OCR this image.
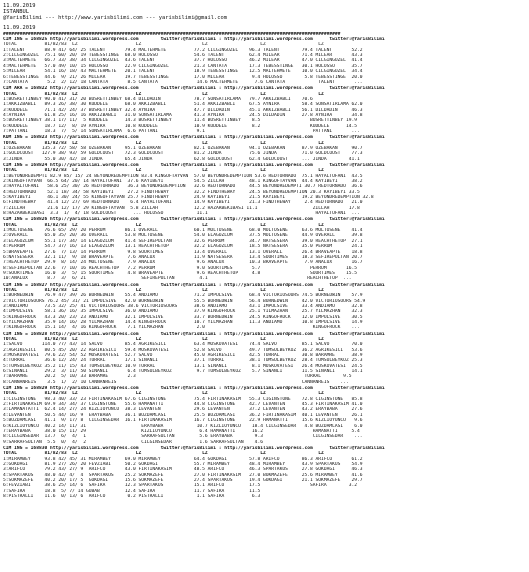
11.09.2019
İSTANBUL
@YarisBilimi --- http://www.yarisbilimi.com --- yarisbilimi@gmail.com
11.09.2019
##########################################################################################################################
CIM ING = 168825 http://yarisbilimi.wordpress.com        twitter:@YarisBilimi : http://yarisbilimi.wordpress.com      twitter:@YarisBilimi
TOTAL          81/82/83  LZ                     LZ                      LZ                   LZ                   LZ
1:TALENT       88.9 41/ 64/ 25 TALENT       79.4 MALTEHMETE          77.2 CILGINGUZEL    96.3 TALENT        79.4 TALENT       52.2
2:CILGINGUZEL  75.1 60/ 20/ 19 TEBESSTINGE  68.0 HOLOSSO             54.6 TALENT         62.4 MILEAR        71.4 MILEAR       43.3
3:MALTEHMETE   66.7 33/ 38/ 34 CILGINGUZEL  43.6 TALENT              37.7 HOLOSSO        46.2 MILEAR        47.0 CILGINGUZEL  41.4
4:MALTEHMETE   57.0 49/ 10/ 15 HOLOSSO      22.9 CILGINGUZEL         21.3 CANTATA        17.3 TEBESSTINGE   30.1 HOLOSSO      35.7
5:MILEAR       54.1 16/ 18/ 43 MALTEHMETE   20.1 TALENT              18.9 TEBESSTINGE    12.5 MALTEHMETE    10.0 CILGINGUZEL  34.4
6:TEBESSTINGE  44.6  9/ 21/ 26 MILEAR       19.7 TEBESSTINGE         17.0 MILEAR          9.4 HOLOSSO        5.8 TEBESSTINGE  20.0
7:CANTATA       5.2  2/ 12/ 18 CANTATA       8.5 CANTATA              14.6 MALTEHMETE      7.6 CANTATA            TALENT       ...
CIM ARA = 168822 http://yarisbilimi.wordpress.com        twitter:@YarisBilimi : http://yarisbilimi.wordpress.com      twitter:@YarisBilimi
TOTAL          81/82/83  LZ                     LZ                      LZ                   LZ                   LZ
1:BUSRETTINBEY 90.0 41/ 31/ 20 BUSRETTINBEY 68.4 DILDADIN            78.7 SONSATIRLAMA   79.7 AKKIZBABLI    70.6
1:AKKIZBABLI   89.3 26/ 38/ 30 KUDDELE      68.0 AKKIZBABLI          51.4 AKKIZBABLI     67.5 AYNIRA        58.4 SONSATIRLAMA 62.0
3:KUDDELE      71.1 42/ 24/ 37 BUSRETTINBEY 32.4 AYNIRA              47.7 DILDADIN       45.1 AKKIZBABLI    56.1 DILDADIN     46.3
4:AYNIRA       61.8 25/ 16/ 16 AKKIZBABLI   31.0 SONSATIRLAMA        41.3 AYNIRA         24.5 DILDADIN      27.8 AYNIRA       34.8
5:BUSRETTINBEY 38.1 17/ 11/  5 KUDDELE      14.3 BUSRETTINBEY        11.4 BUSRETTINBEY    8.5                  BUSRETTINBEY 19.9
6:KUDDELE      18.7 12/  8/ 19 AYNIRA       10.8 KUDDELE             10.9 KUDDELE         8.2                  KUDDELE      14.5
7:PATTANI      18.3  7/  5/ 14 SONSATIRLAMA  6.6 PATTANI              9.1                                       PATTANI       ...
KUM ING = 168823 http://yarisbilimi.wordpress.com        twitter:@YarisBilimi : http://yarisbilimi.wordpress.com      twitter:@YarisBilimi
TOTAL          81/82/83  LZ                     LZ                      LZ                   LZ                   LZ
1:OZEBAKAN    135.3 72/ 58/ 58 OZEBAKAN     95.1 OZEBAKAN            82.1 OZEBAKAN       94.1 OZEBAKAN      87.9 OZEBAKAN     90.7
1:GOLDCOUST   127.9 38/ 93/ 59 GOLDCOUST    72.3 GOLDCOUST           81.2 JINDA          75.6 JINDA         71.0 GOLDCOUST    77.3
3:JINDA        55.0 30/ 42/ 18 JINDA        65.4 JINDA               62.8 GOLDCOUST      62.4 GOLDCOUST     ... JINDA        41.1
CIM ING = 168824 http://yarisbilimi.wordpress.com        twitter:@YarisBilimi : http://yarisbilimi.wordpress.com      twitter:@YarisBilimi
TOTAL          81/82/83  LZ                     LZ                      LZ                   LZ                   LZ
1:BEYONDREDEMPTI 82.9 85/ 15/ 24 BEYONDREDEMPTION 83.4 KINGOFTAYVAN  57.0 BEYONDREDEMPTION 53.6 REDTORNADO  75.1 HAYALTUFANI  43.5
2:KINGOFTAYVAN  66.5 64/ 20/ 14 HAYALTUFANI  37.6 KAYIBEYI           54.5 ZILLAH         48.1 KINGOFTAYVAN  44.4 KAYIBEYI     38.2
3:HAYALTUFANI   58.6 25/ 30/ 26 REDTORNADO   36.3 BEYONDREDEMPTION   32.6 REDTORNADO     44.5 BEYONDREDEMPTI 30.7 REDTORNADO  36.6
4:REDTORNADO    52.1 18/ 34/ 58 KAYIBEYI     27.2 FINDTHEWAY         32.2 FINDTHEWAY     24.5 BEYONDREDEMPTION 20.3 KAYIBEYI 33.5
5:KAYIBEYI      46.1 30/ 24/ 55 KINGOFTAYVAN 25.7 FINDTHEWAY         24.9 KAYIBEYI       21.5 KAYIBEYI      19.2 BEYONDREDEMPTION 32.8
6:FINDTHEWAY    41.4 12/ 27/ 69 REDTORNADO    6.4 HAYALTUFANI        14.9 KAYIBEYI       21.3 FINDTHEWAY     2.4 REDTORNADO   21.0
7:ZILLAH        21.6 12/ 17/ 29 KINGOFTAYVAN  5.8 ZILLAH             12.2 HAZARBEKIBASI 11.1                    ZILLAH       17.8
8:HAZARBEKIBASI  3.3  1/  4/ 18 GOLDCOUST      ... HOLOSSO            11.1                                       HAYALTUFANI  ...
CIM ING = 168826 http://yarisbilimi.wordpress.com        twitter:@YarisBilimi : http://yarisbilimi.wordpress.com      twitter:@YarisBilimi
TOTAL          81/82/83  LZ                     LZ                      LZ                   LZ                   LZ
1:MOLTOSENE    76.6 65/ 29/ 20 PERRUM       86.1 OVERALL             60.1 MOLTOSENE      68.0 MOLTOSENE     63.6 MOLTOSENE    41.4
2:OVERALL      65.0 35/ 20/ 36 OVERALL      53.8 MOLTOSENE           54.0 ELAGOZLUM      37.5 MOLTOSENE     44.9 OVERALL      39.8
3:ELAGOZLUM    55.1 17/ 34/ 14 ELAGOZLUM    41.4 SEFIREPULTAN        32.6 PERRUM         34.7 NATSESERA     39.0 REACHTHETOP  27.1
4:PERRUM       54.7 37/ 16/ 13 ELAGOZLUM    13.1 REACHTHETOP         32.2 ELAGOZLUM      18.5 NATSESERA     35.0 PERRUM       24.1
5:BRAVEAPTE    27.6  7/ 13/ 14 PERRUM        9.8 SOURTIMES           13.4 OVERALL        13.1 OVERALL       26.4 BRAVEAPTE    18.8
6:NATSESERA    32.1 11/  9/ 18 BRAVEAPTE     7.6 ANALUX              11.9 NATSESERA      13.4 SOURTIMES     18.3 SEFIREPULTAN 20.7
7:REACHTHETOP  29.9  8/ 14/ 24 MOLTOSENE     7.9 ANALUX               9.6 ANALUX         10.3 BRAVEAPTE      7.9 ANALUX       16.7
8:SEFIREPULTAN 22.6  7/ 10/ 16 REACHTHETOP   7.2 PERRUM               9.0 SOURTIMES       5.7                  PERRUM       16.5
9:SOURTIMES    16.0  3/  5/ 15 SOURTIMES     4.8 BRAVEAPTE            9.6 REACHTHETOP     4.8                  SOURTIMES    15.5
10:ANALUX       8.7  3/  6/ 21                    SEFIREPULTAN         4.1                                    REACHTHETOP  ...
CIM ING = 168827 http://yarisbilimi.wordpress.com        twitter:@YarisBilimi : http://yarisbilimi.wordpress.com      twitter:@YarisBilimi
TOTAL          81/82/83  LZ                     LZ                      LZ                   LZ                   LZ
1:BURNEDWIN    76.9 47/ 39/ 26 BURNEDWIN    55.4 ANDIAMO             71.2 IMPULSIVE      68.4 VICTORIOSOURS 74.5 BURNEDWIN    57.9
2:VICTORIOSOURS 76.2 45/ 31/ 21 IMPULSIVE   42.0 BURNEDWIN           55.5 BURNEDWIN      56.4 BURNEDWIN     42.0 VICTORIOSOURS 54.9
3:ANDIAMO      73.5 32/ 25/ 41 VICTORIOSOURS 38.6 VICTORIOSOURS      38.6 ANDIAMO        43.1 IMPULSIVE     33.4 ANDIAMO      32.8
4:IMPULSIVE    58.1 36/ 16/ 35 IMPULSIVE    36.0 ANDIAMO             37.9 KINGOFROCK     25.1 YILMAZHAN     25.7 YILMAZHAN    32.3
5:KINGOFROCK   43.3 20/ 23/ 23 ANDIAMO      32.1 IMPULSIVE           33.7 BURNEDWIN      24.5 KINGOFROCK    12.0 IMPULSIVE    30.5
6:YILMAZHAN    35.9 14/ 16/ 28 YILMAZHAN    14.4 KINGOFROCK          10.7 YILMAZHAN      11.3 ANDIAMO       10.8 IMPULSIVE    14.9
7:KINGOFROCK   15.1 14/  4/ 16 KINGOFROCK    7.1 YILMAZHAN            2.0                                       KINGOFROCK    ...
CIM ING = 168828 http://yarisbilimi.wordpress.com        twitter:@YarisBilimi : http://yarisbilimi.wordpress.com      twitter:@YarisBilimi
TOTAL          81/82/83  LZ                     LZ                      LZ                   LZ                   LZ
1:SALVO       114.0 77/ 43/ 14 SALVO        85.4 AGRIKESICI          63.4 MOSKOVATESI    74.4 SALVO         85.1 SALVO        70.0
2:AGRIKESICI   80.5 45/ 20/ 22 AGRIKESICI   59.4 MOSKOVATESI         52.8 SALVO          49.7 TUMSULBEYKOZ  36.2 AGRIKESICI   53.6
3:MOSKOVATESI  79.6 22/ 54/ 52 MOSKOVATESI  52.7 SALVO               45.0 AGRIKESICI     42.5 TURRAL        30.8 BARAMRE      38.9
4:TURRAL       36.6 12/ 24/ 24 TURRAL       17.1 SINANLI             37.1 TURRAL         38.1 TUMSULBEYKOZ  28.4 TUMSULBEYKOZ 25.3
5:TUMSULBEYKOZ 35.2 11/ 15/ 43 TUMSULBEYKOZ 10.9 TURRAL              13.1 SINANLI         8.1 MOSKOVATESI   26.4 MOSKOVATESI  24.5
6:SINANLI      29.2  3/ 11/ 50 SINANLI       6.4 TUMSULBEYKOZ         9.7 TUMSULBEYKOZ    5.7 SINANLI       11.5 SINANLI      14.1
7:BARAMRE      20.2  5/ 10/ 33 BARAMRE       2.3                                                             TURRAL        9.5
8:CANNANREIS    3.5  1/  2/ 10 CANNANREIS                                                                   CANNANREIS    ...
CIM ING = 168829 http://yarisbilimi.wordpress.com        twitter:@YarisBilimi : http://yarisbilimi.wordpress.com      twitter:@YarisBilimi
TOTAL          81/82/83  LZ                     LZ                      LZ                   LZ                   LZ
1:CIGINSTONE   98.3 40/ 33/ 23 FIRTINAKASIM 67.6 CIGINSTONE          75.4 FIRTINAKASIM   55.3 CIGINSTONE    72.8 CIGINSTONE   85.8
2:FIRTINAKASIM 69.9 34/ 34/ 37 CIGINSTONE   55.6 HAMANATTI           44.8 CIGINSTONE     42.7 LEVANTEN      45.3 FIRTINAKASIM 41.0
3:LAMANATATTI  62.4 14/ 27/ 24 KIZLIOYUNCU  38.3 LEVANTEN            29.6 LEVANTEN       37.2 LEVANTEN      43.2 ERAYBABA     27.6
4:LEVANTEN     50.5 44/ 16/ 9  ERAYBABA     36.1 BUZDAMLASI          25.5 BUZDAMLASI     36.2 FIRTINAKASIM  40.1 LEVANTEN     26.1
5:BUZDAMLASI   41.1  9/ 17/ 8  CILGINSEDAR  16.1 FIRTINAKASIM        16.7 CIGINSTONE     22.9 HAMANATTI     15.6 KIZLIOYUNCU   9.6
6:KIZLIOYUNCU  40.2 14/ 11/ 31                    ERAYBABA            10.7 KIZLIOYUNCU    18.4 CILGINSEDAR   4.8 BUZDAMLASI    6.0
7:ERAYBABA     38.0 15/ 11/ 29                    KIZLIOYUNCU          6.4 HAMANATTI      16.2                  HAMANATTI     5.4
8:CILGINSEDAR  13.7  6/  4/  1                    SARRAFSULTAN         5.6 ERAYBABA        9.3                  CILGINSEDAR    ...
9:SARRAFSULTAN  5.5  0/  4/  2                    CILGINSEDAR          1.6 SARRAFSULTAN    4.6
CIM ING = 168830 http://yarisbilimi.wordpress.com        twitter:@YarisBilimi : http://yarisbilimi.wordpress.com      twitter:@YarisBilimi
TOTAL          81/82/83  LZ                     LZ                      LZ                   LZ                   LZ
1:MIRAMBEY     93.8 42/ 45/ 31 MIRAMBEY     69.0 MIRAMBEY            64.4 GOKDAGI        57.8 ARIFCO        86.3 ARIFCO       61.2
2:GOKDAGI      81.9 27/ 26/ 20 FEVZIABI     50.2 GOKDAGI             55.7 MIRAMBEY       48.4 MIRAMBEY      43.9 SPARTAKUS    54.9
3:ARIFCO       79.2 43/ 27/ 9  ARIFCO       43.0 FIRTINAKASIM        48.5 ARIFCO         46.3 SPARTAKUS     27.8 GOKDAGI      46.3
4:SPARTAKUS    48.0 42/ 4/  4  SPARTAKUS    25.2 SOKMAZEFE           27.0 FIRTINAKASIM   27.0 BOKMAZEFE     25.6 MIRAMBEY     41.6
5:SOKMAZEFE    40.2 20/ 17/ 5  GOKDAGI      15.6 SOKMAZEFE           27.4 SPARTAKUS      19.4 GOKDAGI       21.1 SOKMAZEFE    29.7
6:FEVZIABI     38.6 25/ 14/ 6  SAFIRA       12.3 SPARTAKUS           15.1 ARIFCO         17.5                  SAFIRA        3.2
7:SAFIRA       18.8  5/ 7/ 14 GUBAB         12.4 SAFIRA              11.7 SAFIRA         11.5
8:PISTRALLI    11.6  0/ 13/ 6  ARIFCO        0.2 PISTRALLI            1.1 SAFIRA          6.3
